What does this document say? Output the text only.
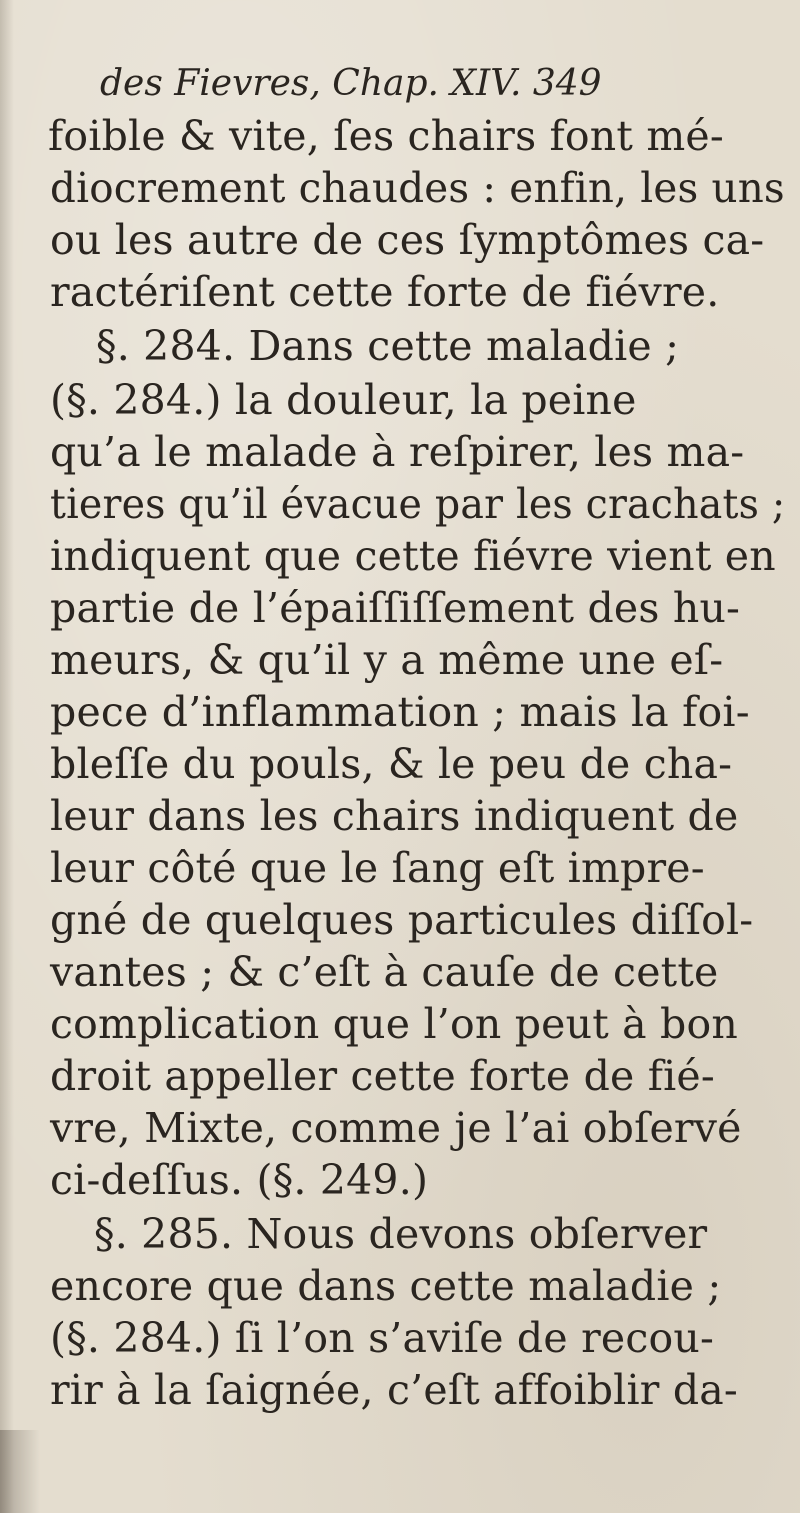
des Fievres, Chap. XIV. 349
foible & vite, ſes chairs font mé-
diocrement chaudes : enfin, les uns
ou les autre de ces ſymptômes ca-
ractériſent cette forte de fiévre.
§. 284. Dans cette maladie ;
(§. 284.) la douleur, la peine
qu’a le malade à reſpirer, les ma-
tieres qu’il évacue par les crachats ;
indiquent que cette fiévre vient en
partie de l’épaiſſiſſement des hu-
meurs, & qu’il y a même une eſ-
pece d’inflammation ; mais la foi-
bleſſe du pouls, & le peu de cha-
leur dans les chairs indiquent de
leur côté que le ſang eſt impre-
gné de quelques particules diſſol-
vantes ; & c’eſt à cauſe de cette
complication que l’on peut à bon
droit appeller cette forte de fié-
vre, Mixte, comme je l’ai obſervé
ci-deſſus. (§. 249.)
§. 285. Nous devons obſerver
encore que dans cette maladie ;
(§. 284.) ſi l’on s’aviſe de recou-
rir à la ſaignée, c’eſt affoiblir da-
